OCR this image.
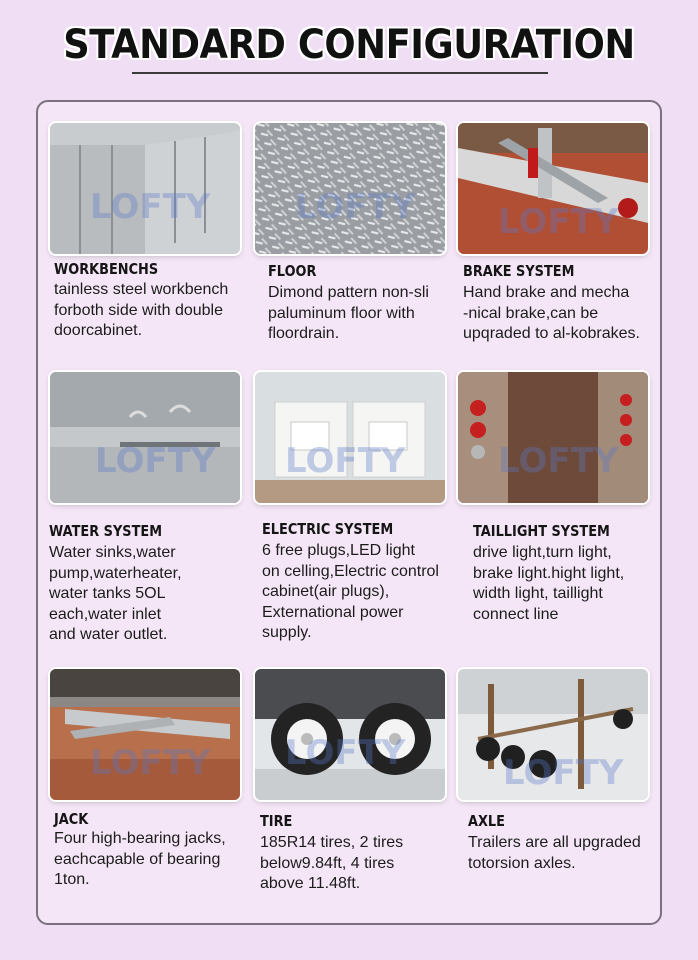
STANDARD CONFIGURATION
LOFTY LOFTY LOFTY
LOFTY LOFTY	LOFTY
LOFTY LOFTY	LOFTY
WORKBENCHS	FLOOR	BRAKE SYSTEM
WATER SYSTEM	ELECTRIC SYSTEM	TAILLIGHT SYSTEM
JACK	TIRE	AXLE
tainless steel workbench
forboth side with double
doorcabinet.
Dimond pattern non-sli
paluminum floor with
floordrain.
Hand brake and mecha
-nical brake,can be
upqraded to al-kobrakes.
Water sinks,water
pump,waterheater,
water tanks 5OL
each,water inlet
and water outlet.
6 free plugs,LED light
on celling,Electric control
cabinet(air plugs),
Externational power
supply.
drive light,turn light,
brake light.hight light,
width light, taillight
connect line
Four high-bearing jacks,
eachcapable of bearing
1ton.
185R14 tires, 2 tires
below9.84ft, 4 tires
above 11.48ft.
Trailers are all upgraded
totorsion axles.
